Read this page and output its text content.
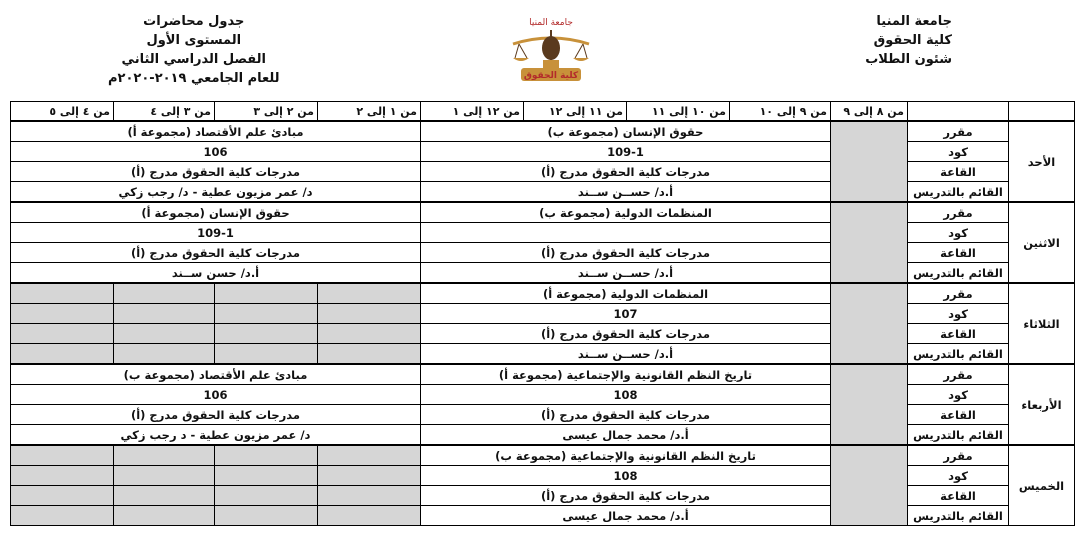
جامعة المنيا
كلية الحقوق
شئون الطلاب
جامعة المنيا
كلية الحقوق
جدول محاضرات
المستوى الأول
الفصل الدراسي الثاني
للعام الجامعي ٢٠١٩-٢٠٢٠م
		من ٨ إلى ٩	من ٩ إلى ١٠	من ١٠ إلى ١١	من ١١ إلى ١٢	من ١٢ إلى ١	من ١ إلى ٢	من ٢ إلى ٣	من ٣ إلى ٤	من ٤ إلى ٥
الأحد	مقرر		حقوق الإنسان (مجموعة ب)				مبادئ علم الأقتصاد (مجموعة أ)			
	كود		109-1				106			
	القاعة		مدرجات كلية الحقوق مدرج (أ)				مدرجات كلية الحقوق مدرج (أ)			
	القائم بالتدريس		أ.د/ حســن ســند				د/ عمر مزيون عطية - د/ رجب زكي			
الاثنين	مقرر		المنظمات الدولية (مجموعة ب)				حقوق الإنسان (مجموعة أ)			
	كود						109-1			
	القاعة		مدرجات كلية الحقوق مدرج (أ)				مدرجات كلية الحقوق مدرج (أ)			
	القائم بالتدريس		أ.د/ حســن ســند				أ.د/ حسن ســند			
الثلاثاء	مقرر		المنظمات الدولية (مجموعة أ)							
	كود		107							
	القاعة		مدرجات كلية الحقوق مدرج (أ)							
	القائم بالتدريس		أ.د/ حســن ســند							
الأربعاء	مقرر		تاريخ النظم القانونية والإجتماعية (مجموعة أ)				مبادئ علم الأقتصاد (مجموعة ب)			
	كود		108				106			
	القاعة		مدرجات كلية الحقوق مدرج (أ)				مدرجات كلية الحقوق مدرج (أ)			
	القائم بالتدريس		أ.د/ محمد جمال عيسى				د/ عمر مزيون عطية - د رجب زكي			
الخميس	مقرر		تاريخ النظم القانونية والإجتماعية (مجموعة ب)							
	كود		108							
	القاعة		مدرجات كلية الحقوق مدرج (أ)							
	القائم بالتدريس		أ.د/ محمد جمال عيسى							
